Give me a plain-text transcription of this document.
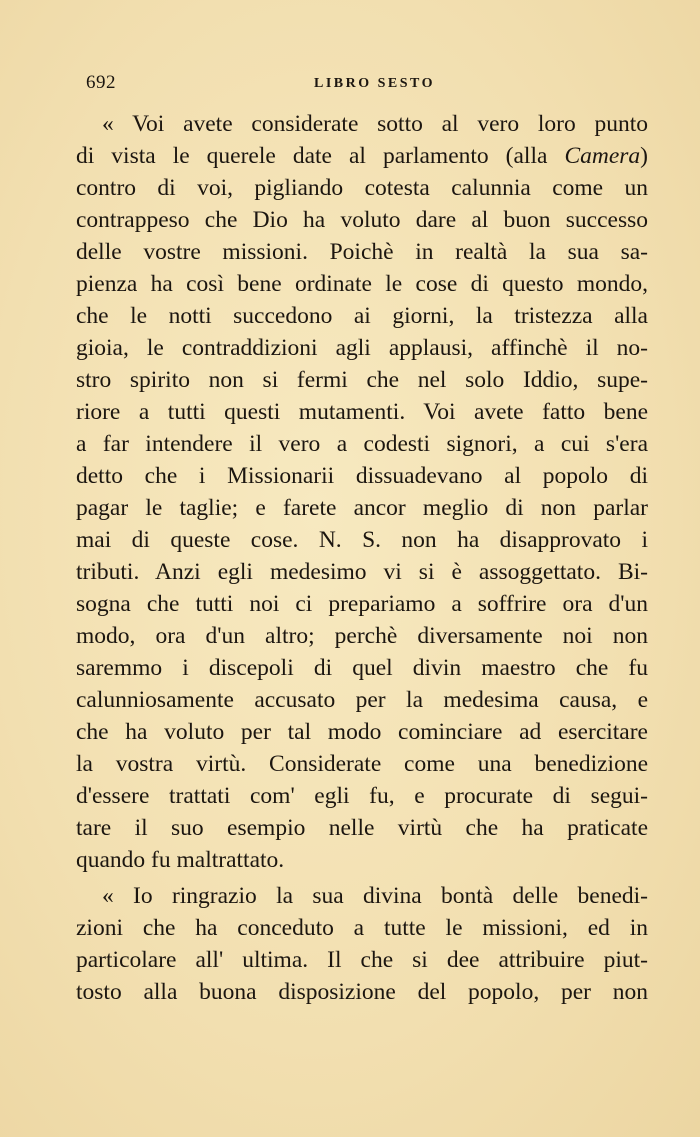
692	LIBRO SESTO
« Voi avete considerate sotto al vero loro punto
di vista le querele date al parlamento (alla Camera)
contro di voi, pigliando cotesta calunnia come un
contrappeso che Dio ha voluto dare al buon successo
delle vostre missioni. Poichè in realtà la sua sa-
pienza ha così bene ordinate le cose di questo mondo,
che le notti succedono ai giorni, la tristezza alla
gioia, le contraddizioni agli applausi, affinchè il no-
stro spirito non si fermi che nel solo Iddio, supe-
riore a tutti questi mutamenti. Voi avete fatto bene
a far intendere il vero a codesti signori, a cui s'era
detto che i Missionarii dissuadevano al popolo di
pagar le taglie; e farete ancor meglio di non parlar
mai di queste cose. N. S. non ha disapprovato i
tributi. Anzi egli medesimo vi si è assoggettato. Bi-
sogna che tutti noi ci prepariamo a soffrire ora d'un
modo, ora d'un altro; perchè diversamente noi non
saremmo i discepoli di quel divin maestro che fu
calunniosamente accusato per la medesima causa, e
che ha voluto per tal modo cominciare ad esercitare
la vostra virtù. Considerate come una benedizione
d'essere trattati com' egli fu, e procurate di segui-
tare il suo esempio nelle virtù che ha praticate
quando fu maltrattato.
« Io ringrazio la sua divina bontà delle benedi-
zioni che ha conceduto a tutte le missioni, ed in
particolare all' ultima. Il che si dee attribuire piut-
tosto alla buona disposizione del popolo, per non
